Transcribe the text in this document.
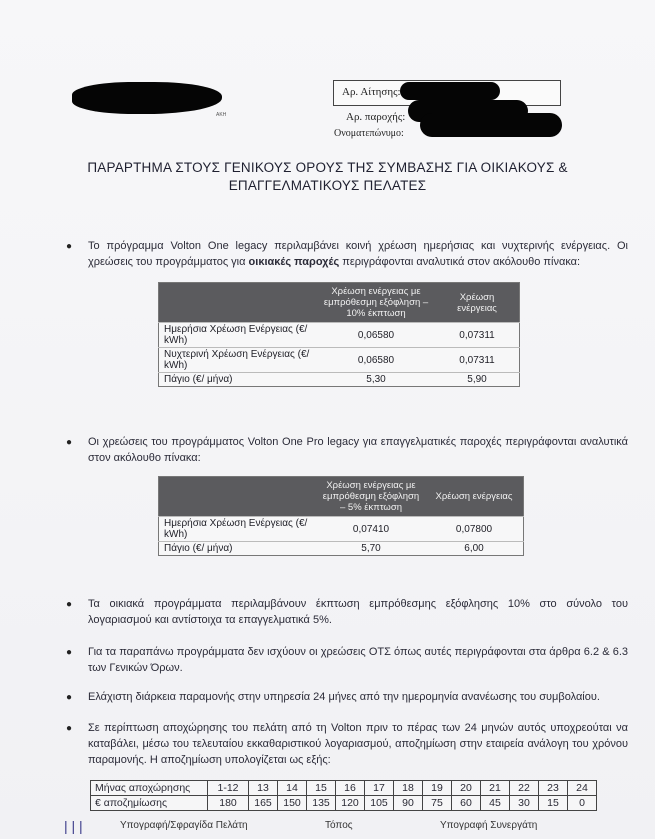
ΑΚΗ
Αρ. Αίτησης:
Αρ. παροχής:
Ονοματεπώνυμο:
ΠΑΡΑΡΤΗΜΑ ΣΤΟΥΣ ΓΕΝΙΚΟΥΣ ΟΡΟΥΣ ΤΗΣ ΣΥΜΒΑΣΗΣ ΓΙΑ ΟΙΚΙΑΚΟΥΣ &
ΕΠΑΓΓΕΛΜΑΤΙΚΟΥΣ ΠΕΛΑΤΕΣ
● Το πρόγραμμα Volton One legacy περιλαμβάνει κοινή χρέωση ημερήσιας και νυχτερινής ενέργειας. Οι χρεώσεις του προγράμματος για οικιακές παροχές περιγράφονται αναλυτικά στον ακόλουθο πίνακα:
	Χρέωση ενέργειας με εμπρόθεσμη εξόφληση – 10% έκπτωση	Χρέωση ενέργειας
Ημερήσια Χρέωση Ενέργειας (€/ kWh)	0,06580	0,07311
Νυχτερινή Χρέωση Ενέργειας (€/ kWh)	0,06580	0,07311
Πάγιο (€/ μήνα)	5,30	5,90
● Οι χρεώσεις του προγράμματος Volton One Pro legacy για επαγγελματικές παροχές περιγράφονται αναλυτικά στον ακόλουθο πίνακα:
	Χρέωση ενέργειας με εμπρόθεσμη εξόφληση – 5% έκπτωση	Χρέωση ενέργειας
Ημερήσια Χρέωση Ενέργειας (€/ kWh)	0,07410	0,07800
Πάγιο (€/ μήνα)	5,70	6,00
● Τα οικιακά προγράμματα περιλαμβάνουν έκπτωση εμπρόθεσμης εξόφλησης 10% στο σύνολο του λογαριασμού και αντίστοιχα τα επαγγελματικά 5%.
● Για τα παραπάνω προγράμματα δεν ισχύουν οι χρεώσεις ΟΤΣ όπως αυτές περιγράφονται στα άρθρα 6.2 & 6.3 των Γενικών Όρων.
● Ελάχιστη διάρκεια παραμονής στην υπηρεσία 24 μήνες από την ημερομηνία ανανέωσης του συμβολαίου.
● Σε περίπτωση αποχώρησης του πελάτη από τη Volton πριν το πέρας των 24 μηνών αυτός υποχρεούται να καταβάλει, μέσω του τελευταίου εκκαθαριστικού λογαριασμού, αποζημίωση στην εταιρεία ανάλογη του χρόνου παραμονής. Η αποζημίωση υπολογίζεται ως εξής:
Μήνας αποχώρησης	1-12	13	14	15	16	17	18	19	20	21	22	23	24
€ αποζημίωσης	180	165	150	135	120	105	90	75	60	45	30	15	0
| | |	Υπογραφή/Σφραγίδα Πελάτη	Τόπος	Υπογραφή Συνεργάτη
